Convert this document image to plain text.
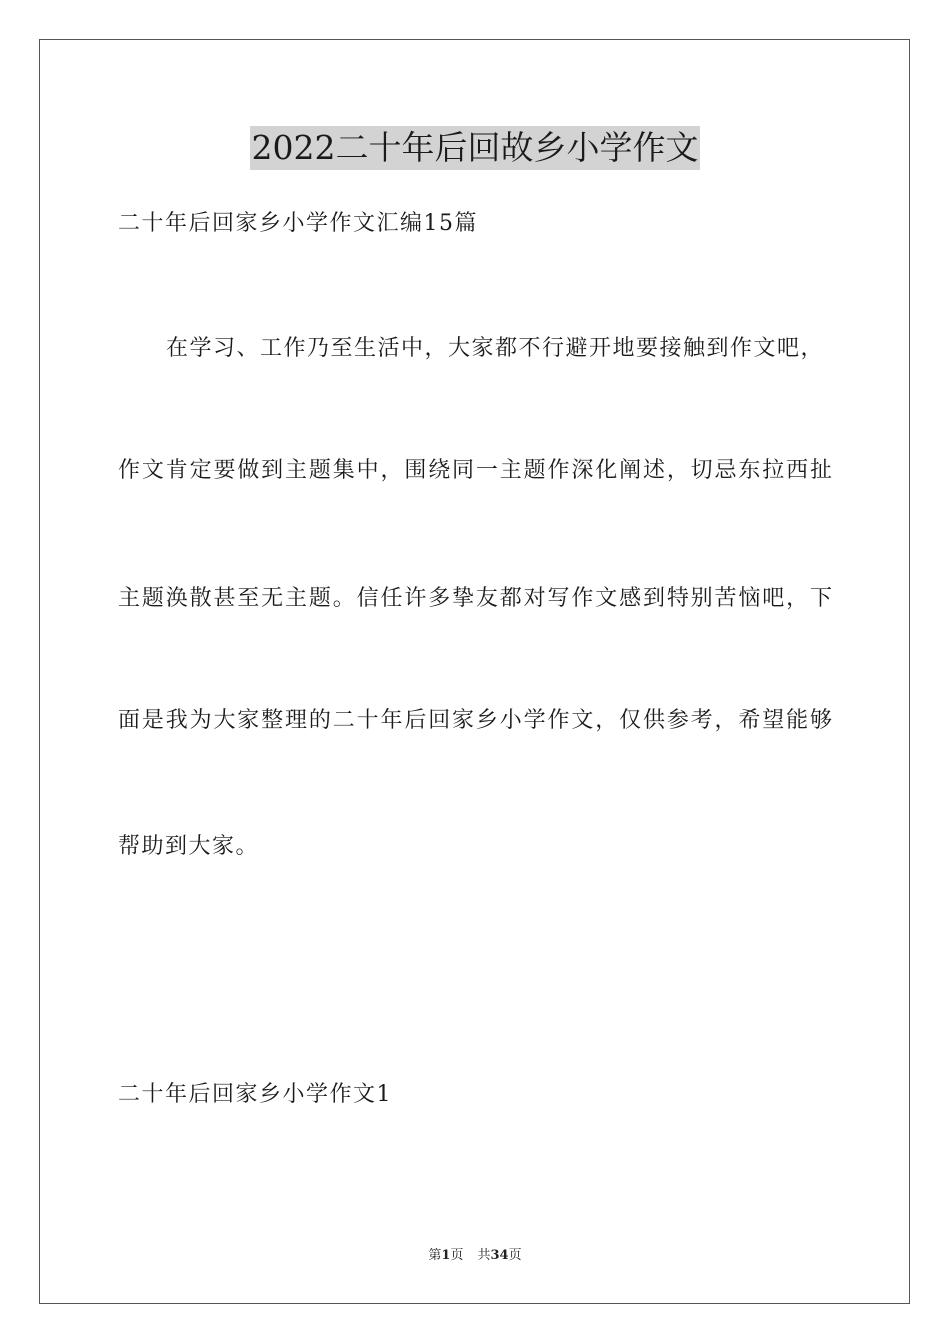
2022二十年后回故乡小学作文
二十年后回家乡小学作文汇编15篇
在学习、工作乃至生活中，大家都不行避开地要接触到作文吧，
作文肯定要做到主题集中，围绕同一主题作深化阐述，切忌东拉西扯
主题涣散甚至无主题。信任许多挚友都对写作文感到特别苦恼吧，下
面是我为大家整理的二十年后回家乡小学作文，仅供参考，希望能够
帮助到大家。
二十年后回家乡小学作文1
第1页 共34页
